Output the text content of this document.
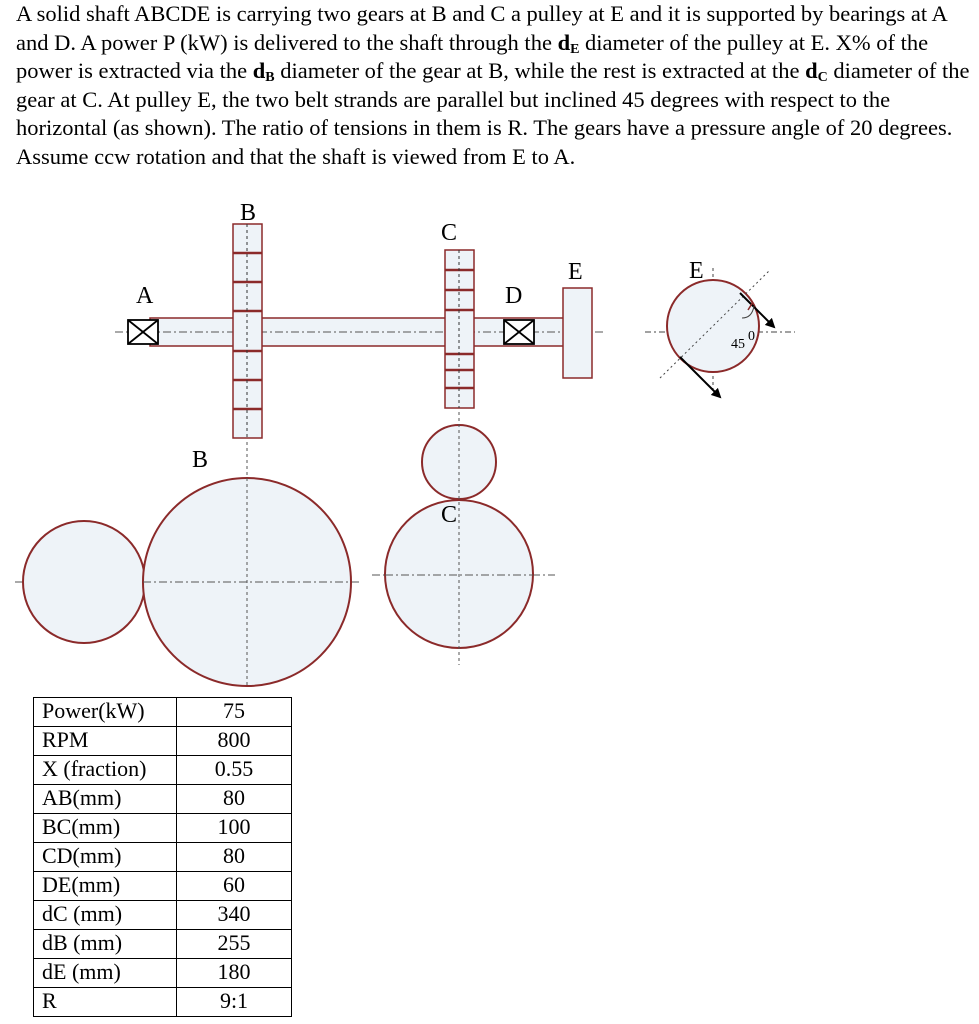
A solid shaft ABCDE is carrying two gears at B and C a pulley at E and it is supported by bearings at A and D. A power P (kW) is delivered to the shaft through the $d_E$ diameter of the pulley at E. X% of the power is extracted via the $d_B$ diameter of the gear at B, while the rest is extracted at the $d_C$ diameter of the gear at C. At pulley E, the two belt strands are parallel but inclined 45 degrees with respect to the horizontal (as shown). The ratio of tensions in them is R. The gears have a pressure angle of 20 degrees. Assume ccw rotation and that the shaft is viewed from E to A.

A
B
C
D
E	E
45
0
B
C
Power(kW)	75
RPM	800
X (fraction)	0.55
AB(mm)	80
BC(mm)	100
CD(mm)	80
DE(mm)	60
dC (mm)	340
dB (mm)	255
dE (mm)	180
R	9:1
